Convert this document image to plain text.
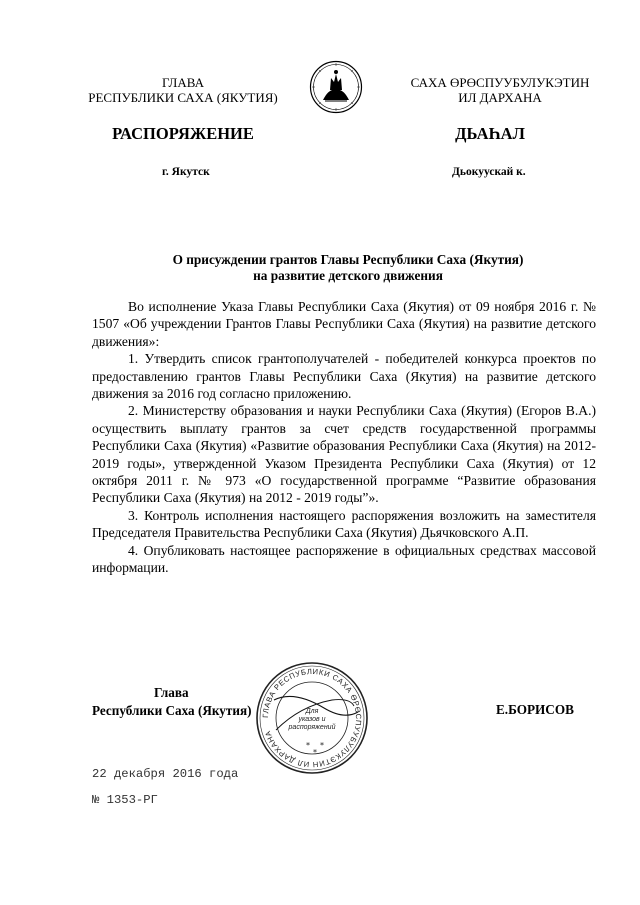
ГЛАВА
РЕСПУБЛИКИ САХА (ЯКУТИЯ)
САХА ӨРӨСПУУБУЛУКЭТИН
ИЛ ДАРХАНА
РАСПОРЯЖЕНИЕ	ДЬАҺАЛ
г. Якутск	Дьокуускай к.
О присуждении грантов Главы Республики Саха (Якутия)
на развитие детского движения

Во исполнение Указа Главы Республики Саха (Якутия) от 09 ноября 2016 г. № 1507 «Об учреждении Грантов Главы Республики Саха (Якутия) на развитие детского движения»:

1. Утвердить список грантополучателей - победителей конкурса проектов по предоставлению грантов Главы Республики Саха (Якутия) на развитие детского движения за 2016 год согласно приложению.

2. Министерству образования и науки Республики Саха (Якутия) (Егоров В.А.) осуществить выплату грантов за счет средств государственной программы Республики Саха (Якутия) «Развитие образования Республики Саха (Якутия) на 2012-2019 годы», утвержденной Указом Президента Республики Саха (Якутия) от 12 октября 2011 г. № 973 «О государственной программе “Развитие образования Республики Саха (Якутия) на 2012 - 2019 годы”».

3. Контроль исполнения настоящего распоряжения возложить на заместителя Председателя Правительства Республики Саха (Якутия) Дьячковского А.П.

4. Опубликовать настоящее распоряжение в официальных средствах массовой информации.

Глава
Республики Саха (Якутия)	Е.БОРИСОВ
ГЛАВА РЕСПУБЛИКИ САХА ӨРӨСПУУБУЛУКЭТИН ИЛ ДАРХАНА
Для
указов и
распоряжений
*
*
*
22 декабря 2016 года
№ 1353-РГ
